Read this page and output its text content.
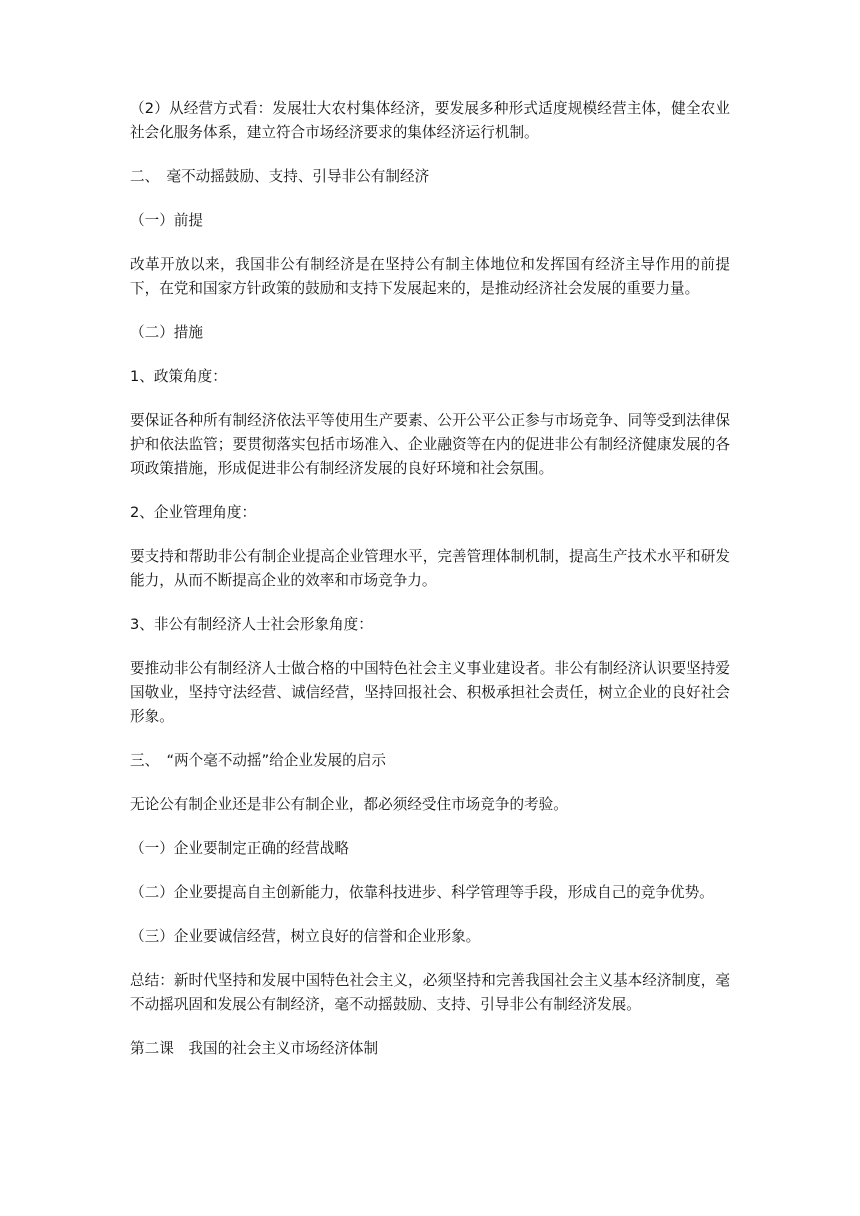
（2）从经营方式看：发展壮大农村集体经济，要发展多种形式适度规模经营主体，健全农业社会化服务体系，建立符合市场经济要求的集体经济运行机制。

二、　毫不动摇鼓励、支持、引导非公有制经济

（一）前提

改革开放以来，我国非公有制经济是在坚持公有制主体地位和发挥国有经济主导作用的前提下，在党和国家方针政策的鼓励和支持下发展起来的，是推动经济社会发展的重要力量。

（二）措施

1、政策角度：

要保证各种所有制经济依法平等使用生产要素、公开公平公正参与市场竞争、同等受到法律保护和依法监管；要贯彻落实包括市场准入、企业融资等在内的促进非公有制经济健康发展的各项政策措施，形成促进非公有制经济发展的良好环境和社会氛围。

2、企业管理角度：

要支持和帮助非公有制企业提高企业管理水平，完善管理体制机制，提高生产技术水平和研发能力，从而不断提高企业的效率和市场竞争力。

3、非公有制经济人士社会形象角度：

要推动非公有制经济人士做合格的中国特色社会主义事业建设者。非公有制经济认识要坚持爱国敬业，坚持守法经营、诚信经营，坚持回报社会、积极承担社会责任，树立企业的良好社会形象。

三、　“两个毫不动摇”给企业发展的启示

无论公有制企业还是非公有制企业，都必须经受住市场竞争的考验。

（一）企业要制定正确的经营战略

（二）企业要提高自主创新能力，依靠科技进步、科学管理等手段，形成自己的竞争优势。

（三）企业要诚信经营，树立良好的信誉和企业形象。

总结：新时代坚持和发展中国特色社会主义，必须坚持和完善我国社会主义基本经济制度，毫不动摇巩固和发展公有制经济，毫不动摇鼓励、支持、引导非公有制经济发展。

第二课　我国的社会主义市场经济体制
